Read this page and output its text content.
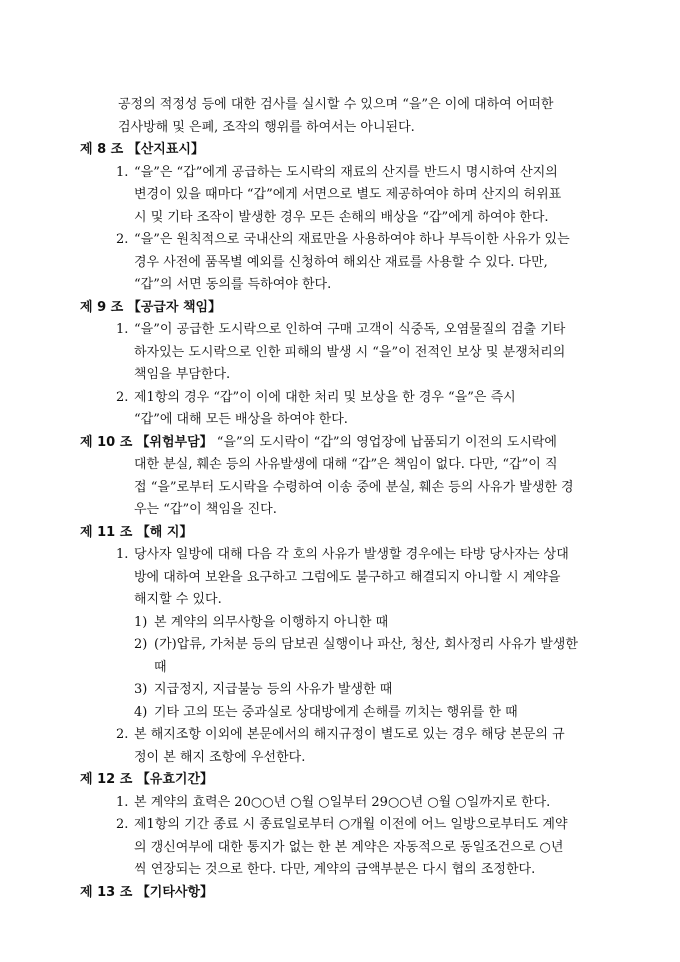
공정의 적정성 등에 대한 검사를 실시할 수 있으며 “을”은 이에 대하여 어떠한
검사방해 및 은폐, 조작의 행위를 하여서는 아니된다.
제 8 조 【산지표시】
1. “을”은 “갑”에게 공급하는 도시락의 재료의 산지를 반드시 명시하여 산지의
변경이 있을 때마다 “갑”에게 서면으로 별도 제공하여야 하며 산지의 허위표
시 및 기타 조작이 발생한 경우 모든 손해의 배상을 “갑”에게 하여야 한다.
2. “을”은 원칙적으로 국내산의 재료만을 사용하여야 하나 부득이한 사유가 있는
경우 사전에 품목별 예외를 신청하여 해외산 재료를 사용할 수 있다. 다만,
“갑”의 서면 동의를 득하여야 한다.
제 9 조 【공급자 책임】
1. “을”이 공급한 도시락으로 인하여 구매 고객이 식중독, 오염물질의 검출 기타
하자있는 도시락으로 인한 피해의 발생 시 “을”이 전적인 보상 및 분쟁처리의
책임을 부담한다.
2. 제1항의 경우 “갑”이 이에 대한 처리 및 보상을 한 경우 “을”은 즉시
“갑”에 대해 모든 배상을 하여야 한다.
제 10 조 【위험부담】 “을”의 도시락이 “갑”의 영업장에 납품되기 이전의 도시락에
대한 분실, 훼손 등의 사유발생에 대해 “갑”은 책임이 없다. 다만, “갑”이 직
접 “을”로부터 도시락을 수령하여 이송 중에 분실, 훼손 등의 사유가 발생한 경
우는 “갑”이 책임을 진다.
제 11 조 【해 지】
1. 당사자 일방에 대해 다음 각 호의 사유가 발생할 경우에는 타방 당사자는 상대
방에 대하여 보완을 요구하고 그럼에도 불구하고 해결되지 아니할 시 계약을
해지할 수 있다.
1) 본 계약의 의무사항을 이행하지 아니한 때
2) (가)압류, 가처분 등의 담보권 실행이나 파산, 청산, 회사정리 사유가 발생한
때
3) 지급정지, 지급불능 등의 사유가 발생한 때
4) 기타 고의 또는 중과실로 상대방에게 손해를 끼치는 행위를 한 때
2. 본 해지조항 이외에 본문에서의 해지규정이 별도로 있는 경우 해당 본문의 규
정이 본 해지 조항에 우선한다.
제 12 조 【유효기간】
1. 본 계약의 효력은 20○○년 ○월 ○일부터 29○○년 ○월 ○일까지로 한다.
2. 제1항의 기간 종료 시 종료일로부터 ○개월 이전에 어느 일방으로부터도 계약
의 갱신여부에 대한 통지가 없는 한 본 계약은 자동적으로 동일조건으로 ○년
씩 연장되는 것으로 한다. 다만, 계약의 금액부분은 다시 협의 조정한다.
제 13 조 【기타사항】
